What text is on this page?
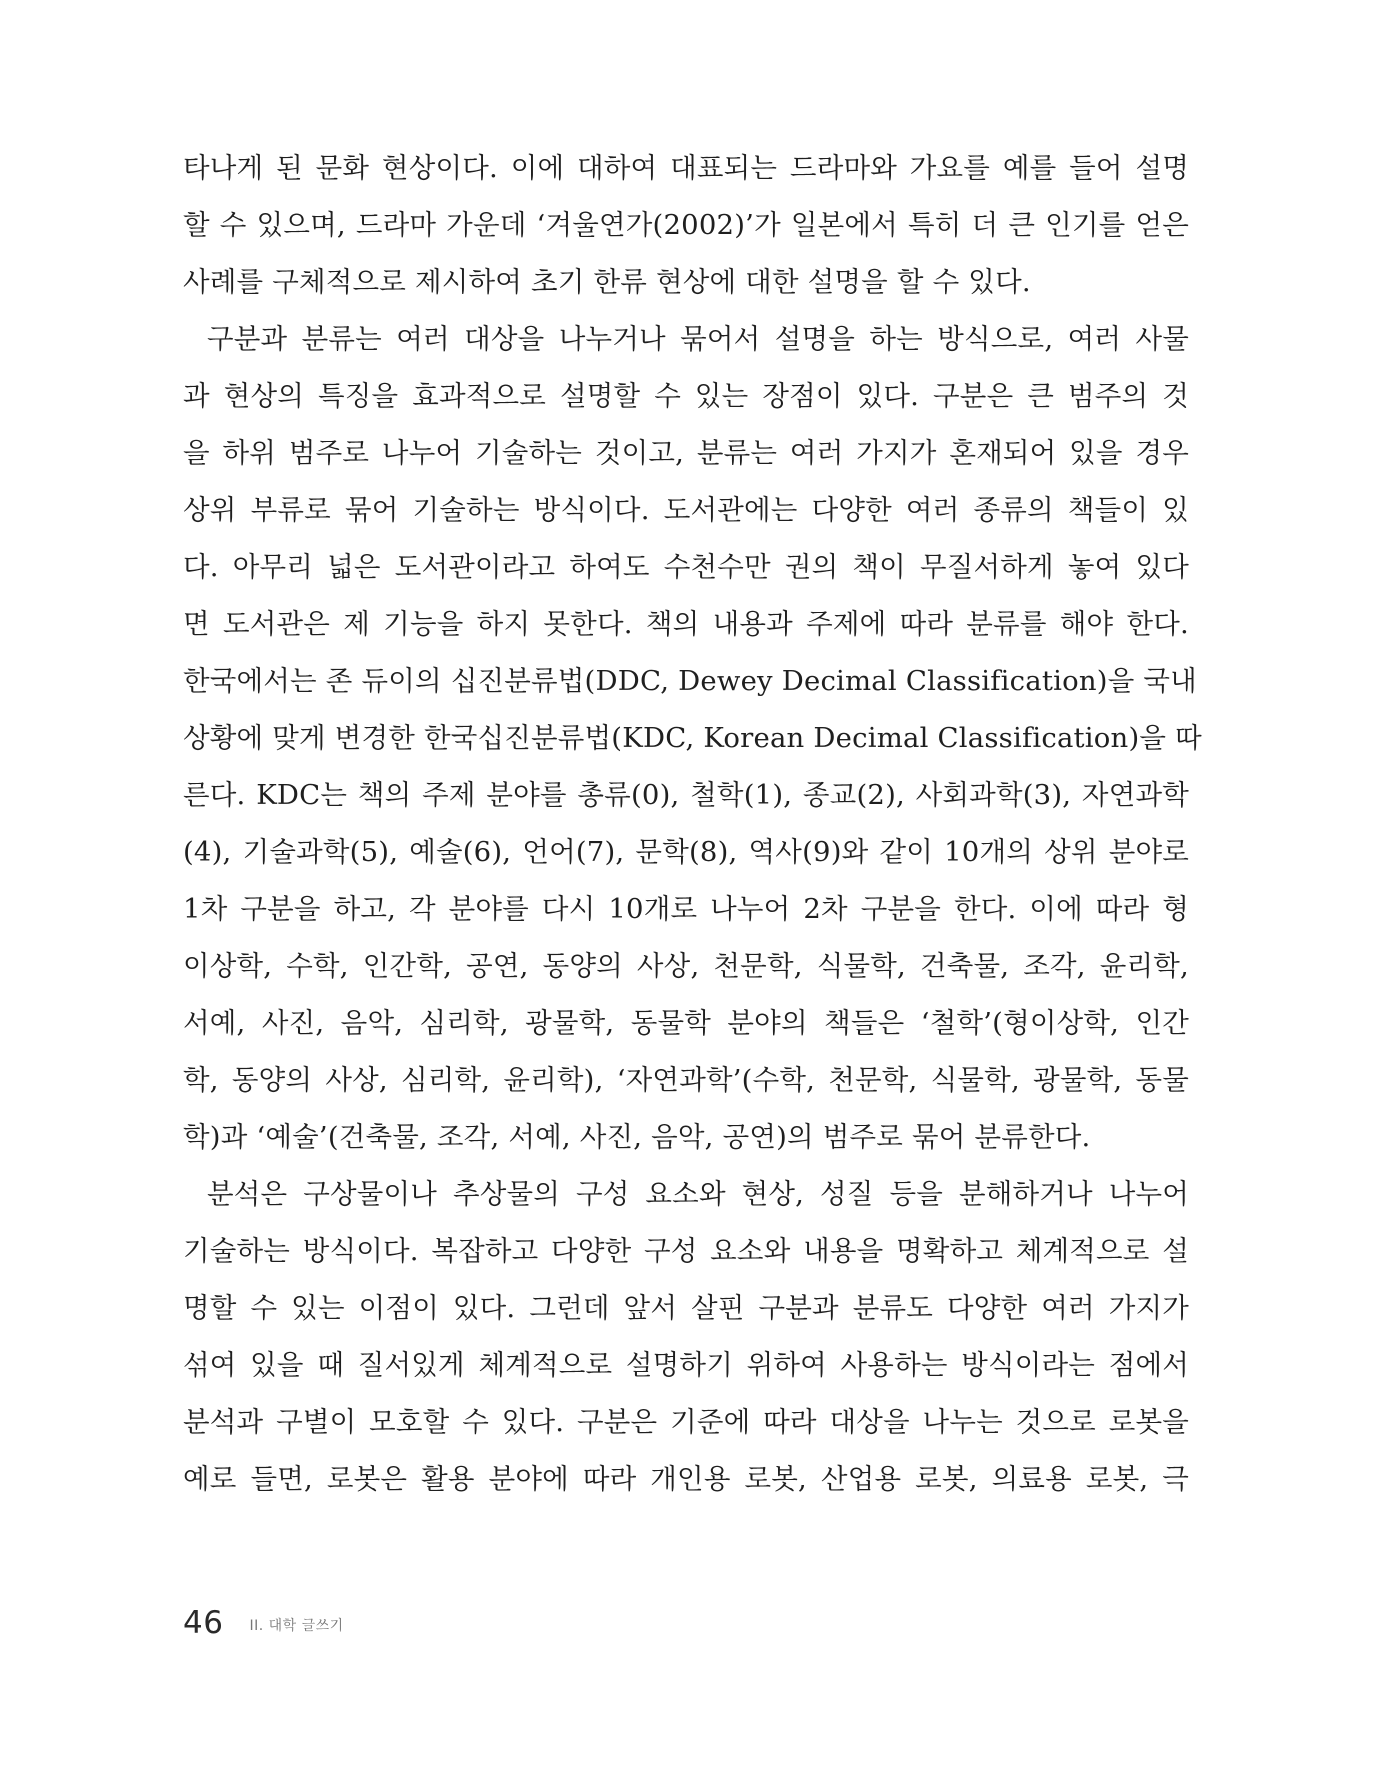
타나게 된 문화 현상이다. 이에 대하여 대표되는 드라마와 가요를 예를 들어 설명
할 수 있으며, 드라마 가운데 ‘겨울연가(2002)’가 일본에서 특히 더 큰 인기를 얻은
사례를 구체적으로 제시하여 초기 한류 현상에 대한 설명을 할 수 있다.
구분과 분류는 여러 대상을 나누거나 묶어서 설명을 하는 방식으로, 여러 사물
과 현상의 특징을 효과적으로 설명할 수 있는 장점이 있다. 구분은 큰 범주의 것
을 하위 범주로 나누어 기술하는 것이고, 분류는 여러 가지가 혼재되어 있을 경우
상위 부류로 묶어 기술하는 방식이다. 도서관에는 다양한 여러 종류의 책들이 있
다. 아무리 넓은 도서관이라고 하여도 수천수만 권의 책이 무질서하게 놓여 있다
면 도서관은 제 기능을 하지 못한다. 책의 내용과 주제에 따라 분류를 해야 한다.
한국에서는 존 듀이의 십진분류법(DDC, Dewey Decimal Classification)을 국내
상황에 맞게 변경한 한국십진분류법(KDC, Korean Decimal Classification)을 따
른다. KDC는 책의 주제 분야를 총류(0), 철학(1), 종교(2), 사회과학(3), 자연과학
(4), 기술과학(5), 예술(6), 언어(7), 문학(8), 역사(9)와 같이 10개의 상위 분야로
1차 구분을 하고, 각 분야를 다시 10개로 나누어 2차 구분을 한다. 이에 따라 형
이상학, 수학, 인간학, 공연, 동양의 사상, 천문학, 식물학, 건축물, 조각, 윤리학,
서예, 사진, 음악, 심리학, 광물학, 동물학 분야의 책들은 ‘철학’(형이상학, 인간
학, 동양의 사상, 심리학, 윤리학), ‘자연과학’(수학, 천문학, 식물학, 광물학, 동물
학)과 ‘예술’(건축물, 조각, 서예, 사진, 음악, 공연)의 범주로 묶어 분류한다.
분석은 구상물이나 추상물의 구성 요소와 현상, 성질 등을 분해하거나 나누어
기술하는 방식이다. 복잡하고 다양한 구성 요소와 내용을 명확하고 체계적으로 설
명할 수 있는 이점이 있다. 그런데 앞서 살핀 구분과 분류도 다양한 여러 가지가
섞여 있을 때 질서있게 체계적으로 설명하기 위하여 사용하는 방식이라는 점에서
분석과 구별이 모호할 수 있다. 구분은 기준에 따라 대상을 나누는 것으로 로봇을
예로 들면, 로봇은 활용 분야에 따라 개인용 로봇, 산업용 로봇, 의료용 로봇, 극
46 II. 대학 글쓰기
